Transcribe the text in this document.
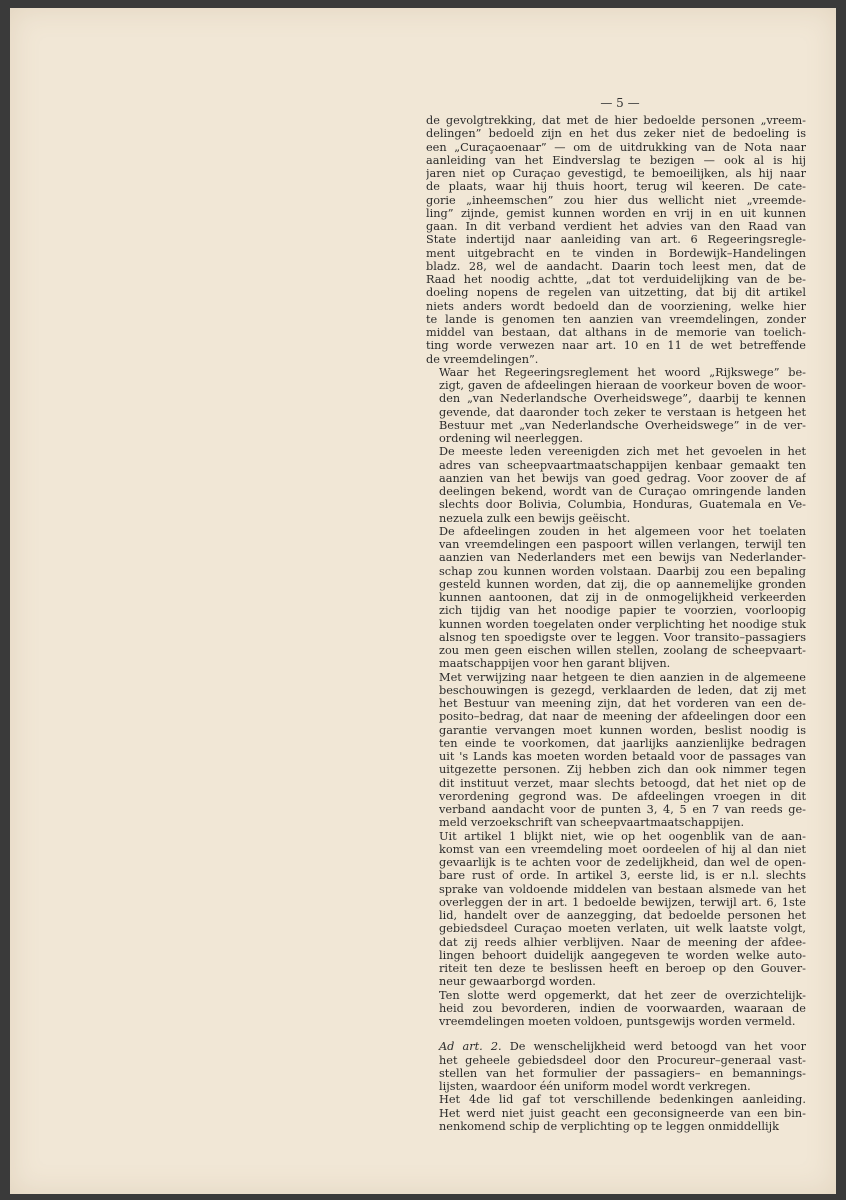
— 5 —

de gevolgtrekking, dat met de hier bedoelde personen „vreem-
delingen” bedoeld zijn en het dus zeker niet de bedoeling is
een „Curaçaoenaar” — om de uitdrukking van de Nota naar
aanleiding van het Eindverslag te bezigen — ook al is hij
jaren niet op Curaçao gevestigd, te bemoeilijken, als hij naar
de plaats, waar hij thuis hoort, terug wil keeren. De cate-
gorie „inheemschen” zou hier dus wellicht niet „vreemde-
ling” zijnde, gemist kunnen worden en vrij in en uit kunnen
gaan. In dit verband verdient het advies van den Raad van
State indertijd naar aanleiding van art. 6 Regeeringsregle-
ment uitgebracht en te vinden in Bordewijk–Handelingen
bladz. 28, wel de aandacht. Daarin toch leest men, dat de
Raad het noodig achtte, „dat tot verduidelijking van de be-
doeling nopens de regelen van uitzetting, dat bij dit artikel
niets anders wordt bedoeld dan de voorziening, welke hier
te lande is genomen ten aanzien van vreemdelingen, zonder
middel van bestaan, dat althans in de memorie van toelich-
ting worde verwezen naar art. 10 en 11 de wet betreffende
de vreemdelingen”.

Waar het Regeeringsreglement het woord „Rijkswege” be-
zigt, gaven de afdeelingen hieraan de voorkeur boven de woor-
den „van Nederlandsche Overheidswege”, daarbij te kennen
gevende, dat daaronder toch zeker te verstaan is hetgeen het
Bestuur met „van Nederlandsche Overheidswege” in de ver-
ordening wil neerleggen.

De meeste leden vereenigden zich met het gevoelen in het
adres van scheepvaartmaatschappijen kenbaar gemaakt ten
aanzien van het bewijs van goed gedrag. Voor zoover de af
deelingen bekend, wordt van de Curaçao omringende landen
slechts door Bolivia, Columbia, Honduras, Guatemala en Ve-
nezuela zulk een bewijs geëischt.

De afdeelingen zouden in het algemeen voor het toelaten
van vreemdelingen een paspoort willen verlangen, terwijl ten
aanzien van Nederlanders met een bewijs van Nederlander-
schap zou kunnen worden volstaan. Daarbij zou een bepaling
gesteld kunnen worden, dat zij, die op aannemelijke gronden
kunnen aantoonen, dat zij in de onmogelijkheid verkeerden
zich tijdig van het noodige papier te voorzien, voorloopig
kunnen worden toegelaten onder verplichting het noodige stuk
alsnog ten spoedigste over te leggen. Voor transito–passagiers
zou men geen eischen willen stellen, zoolang de scheepvaart-
maatschappijen voor hen garant blijven.

Met verwijzing naar hetgeen te dien aanzien in de algemeene
beschouwingen is gezegd, verklaarden de leden, dat zij met
het Bestuur van meening zijn, dat het vorderen van een de-
posito–bedrag, dat naar de meening der afdeelingen door een
garantie vervangen moet kunnen worden, beslist noodig is
ten einde te voorkomen, dat jaarlijks aanzienlijke bedragen
uit 's Lands kas moeten worden betaald voor de passages van
uitgezette personen. Zij hebben zich dan ook nimmer tegen
dit instituut verzet, maar slechts betoogd, dat het niet op de
verordening gegrond was. De afdeelingen vroegen in dit
verband aandacht voor de punten 3, 4, 5 en 7 van reeds ge-
meld verzoekschrift van scheepvaartmaatschappijen.

Uit artikel 1 blijkt niet, wie op het oogenblik van de aan-
komst van een vreemdeling moet oordeelen of hij al dan niet
gevaarlijk is te achten voor de zedelijkheid, dan wel de open-
bare rust of orde. In artikel 3, eerste lid, is er n.l. slechts
sprake van voldoende middelen van bestaan alsmede van het
overleggen der in art. 1 bedoelde bewijzen, terwijl art. 6, 1ste
lid, handelt over de aanzegging, dat bedoelde personen het
gebiedsdeel Curaçao moeten verlaten, uit welk laatste volgt,
dat zij reeds alhier verblijven. Naar de meening der afdee-
lingen behoort duidelijk aangegeven te worden welke auto-
riteit ten deze te beslissen heeft en beroep op den Gouver-
neur gewaarborgd worden.

Ten slotte werd opgemerkt, dat het zeer de overzichtelijk-
heid zou bevorderen, indien de voorwaarden, waaraan de
vreemdelingen moeten voldoen, puntsgewijs worden vermeld.

Ad art. 2. De wenschelijkheid werd betoogd van het voor
het geheele gebiedsdeel door den Procureur–generaal vast-
stellen van het formulier der passagiers– en bemannings-
lijsten, waardoor één uniform model wordt verkregen.

Het 4de lid gaf tot verschillende bedenkingen aanleiding.
Het werd niet juist geacht een geconsigneerde van een bin-
nenkomend schip de verplichting op te leggen onmiddellijk
